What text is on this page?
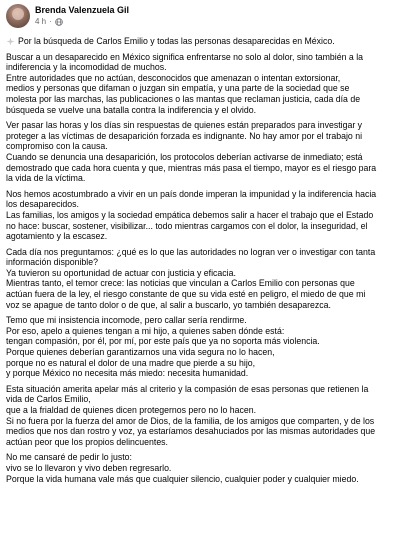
Brenda Valenzuela Gil
4 h ·
Por la búsqueda de Carlos Emilio y todas las personas desaparecidas en México.
Buscar a un desaparecido en México significa enfrentarse no solo al dolor, sino también a la
indiferencia y la incomodidad de muchos.
Entre autoridades que no actúan, desconocidos que amenazan o intentan extorsionar,
medios y personas que difaman o juzgan sin empatía, y una parte de la sociedad que se
molesta por las marchas, las publicaciones o las mantas que reclaman justicia, cada día de
búsqueda se vuelve una batalla contra la indiferencia y el olvido.
Ver pasar las horas y los días sin respuestas de quienes están preparados para investigar y
proteger a las víctimas de desaparición forzada es indignante. No hay amor por el trabajo ni
compromiso con la causa.
Cuando se denuncia una desaparición, los protocolos deberían activarse de inmediato; está
demostrado que cada hora cuenta y que, mientras más pasa el tiempo, mayor es el riesgo para
la vida de la víctima.
Nos hemos acostumbrado a vivir en un país donde imperan la impunidad y la indiferencia hacia
los desaparecidos.
Las familias, los amigos y la sociedad empática debemos salir a hacer el trabajo que el Estado
no hace: buscar, sostener, visibilizar... todo mientras cargamos con el dolor, la inseguridad, el
agotamiento y la escasez.
Cada día nos preguntamos: ¿qué es lo que las autoridades no logran ver o investigar con tanta
información disponible?
Ya tuvieron su oportunidad de actuar con justicia y eficacia.
Mientras tanto, el temor crece: las noticias que vinculan a Carlos Emilio con personas que
actúan fuera de la ley, el riesgo constante de que su vida esté en peligro, el miedo de que mi
voz se apague de tanto dolor o de que, al salir a buscarlo, yo también desaparezca.
Temo que mi insistencia incomode, pero callar sería rendirme.
Por eso, apelo a quienes tengan a mi hijo, a quienes saben dónde está:
tengan compasión, por él, por mí, por este país que ya no soporta más violencia.
Porque quienes deberían garantizarnos una vida segura no lo hacen,
porque no es natural el dolor de una madre que pierde a su hijo,
y porque México no necesita más miedo: necesita humanidad.
Esta situación amerita apelar más al criterio y la compasión de esas personas que retienen la
vida de Carlos Emilio,
que a la frialdad de quienes dicen protegernos pero no lo hacen.
Si no fuera por la fuerza del amor de Dios, de la familia, de los amigos que comparten, y de los
medios que nos dan rostro y voz, ya estaríamos desahuciados por las mismas autoridades que
actúan peor que los propios delincuentes.
No me cansaré de pedir lo justo:
vivo se lo llevaron y vivo deben regresarlo.
Porque la vida humana vale más que cualquier silencio, cualquier poder y cualquier miedo.
